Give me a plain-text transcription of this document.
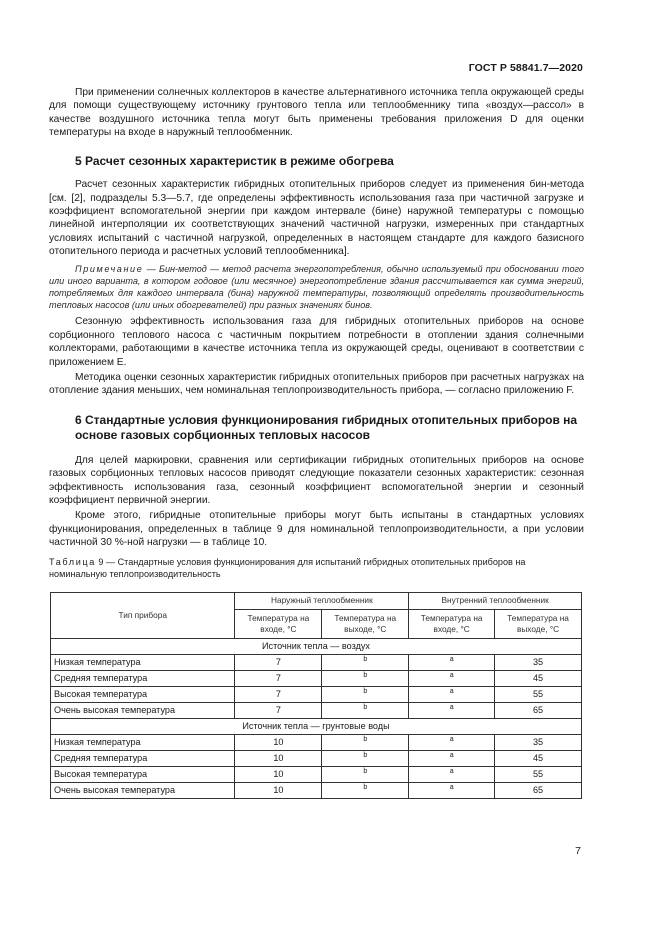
ГОСТ Р 58841.7—2020

При применении солнечных коллекторов в качестве альтернативного источника тепла окружающей среды для помощи существующему источнику грунтового тепла или теплообменнику типа «воздух—рассол» в качестве воздушного источника тепла могут быть применены требования приложения D для оценки температуры на входе в наружный теплообменник.

5 Расчет сезонных характеристик в режиме обогрева

Расчет сезонных характеристик гибридных отопительных приборов следует из применения бин-метода [см. [2], подразделы 5.3—5.7, где определены эффективность использования газа при частичной загрузке и коэффициент вспомогательной энергии при каждом интервале (бине) наружной температуры с помощью линейной интерполяции их соответствующих значений частичной нагрузки, измеренных при стандартных условиях испытаний с частичной нагрузкой, определенных в настоящем стандарте для каждого базисного отопительного периода и расчетных условий теплообменника].

Примечание — Бин-метод — метод расчета энергопотребления, обычно используемый при обосновании того или иного варианта, в котором годовое (или месячное) энергопотребление здания рассчитывается как сумма энергий, потребляемых для каждого интервала (бина) наружной температуры, позволяющий определять производительность тепловых насосов (или иных обогревателей) при разных значениях бинов.

Сезонную эффективность использования газа для гибридных отопительных приборов на основе сорбционного теплового насоса с частичным покрытием потребности в отоплении здания солнечными коллекторами, работающими в качестве источника тепла из окружающей среды, оценивают в соответствии с приложением Е.

Методика оценки сезонных характеристик гибридных отопительных приборов при расчетных нагрузках на отопление здания меньших, чем номинальная теплопроизводительность прибора, — согласно приложению F.

6 Стандартные условия функционирования гибридных отопительных приборов на основе газовых сорбционных тепловых насосов

Для целей маркировки, сравнения или сертификации гибридных отопительных приборов на основе газовых сорбционных тепловых насосов приводят следующие показатели сезонных характеристик: сезонная эффективность использования газа, сезонный коэффициент вспомогательной энергии и сезонный коэффициент первичной энергии.

Кроме этого, гибридные отопительные приборы могут быть испытаны в стандартных условиях функционирования, определенных в таблице 9 для номинальной теплопроизводительности, а при условии частичной 30 %-ной нагрузки — в таблице 10.

Таблица 9 — Стандартные условия функционирования для испытаний гибридных отопительных приборов на номинальную теплопроизводительность

Тип прибора	Наружный теплообменник		Внутренний теплообменник	
	Температура на входе, °С	Температура на выходе, °С	Температура на входе, °С	Температура на выходе, °С
Источник тепла — воздух				
Низкая температура	7	b	a	35
Средняя температура	7	b	a	45
Высокая температура	7	b	a	55
Очень высокая температура	7	b	a	65
Источник тепла — грунтовые воды				
Низкая температура	10	b	a	35
Средняя температура	10	b	a	45
Высокая температура	10	b	a	55
Очень высокая температура	10	b	a	65
7
